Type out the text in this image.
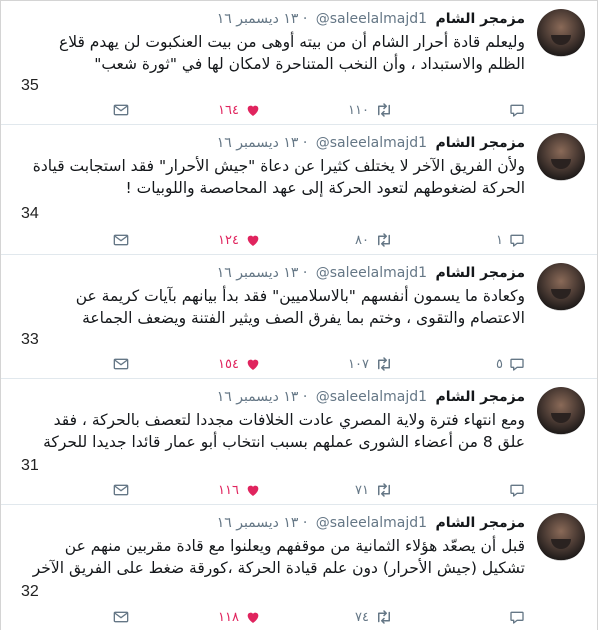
مزمجر الشام @saleelalmajd1 · ١٣ ديسمبر ١٦
وليعلم قادة أحرار الشام أن من بيته أوهى من بيت العنكبوت لن يهدم قلاع الظلم والاستبداد ، وأن النخب المتناحرة لامكان لها في "ثورة شعب"
35
١١٠
١٦٤
مزمجر الشام @saleelalmajd1 · ١٣ ديسمبر ١٦
ولأن الفريق الآخر لا يختلف كثيرا عن دعاة "جيش الأحرار" فقد استجابت قيادة الحركة لضغوطهم لتعود الحركة إلى عهد المحاصصة واللوبيات !
34
١
٨٠
١٢٤
مزمجر الشام @saleelalmajd1 · ١٣ ديسمبر ١٦
وكعادة ما يسمون أنفسهم "بالاسلاميين" فقد بدأ بيانهم بآيات كريمة عن الاعتصام والتقوى ، وختم بما يفرق الصف ويثير الفتنة ويضعف الجماعة
33
٥
١٠٧
١٥٤
مزمجر الشام @saleelalmajd1 · ١٣ ديسمبر ١٦
ومع انتهاء فترة ولاية المصري عادت الخلافات مجددا لتعصف بالحركة ، فقد علق 8 من أعضاء الشورى عملهم بسبب انتخاب أبو عمار قائدا جديدا للحركة
31
٧١
١١٦
مزمجر الشام @saleelalmajd1 · ١٣ ديسمبر ١٦
قبل أن يصعّد هؤلاء الثمانية من موقفهم ويعلنوا مع قادة مقربين منهم عن تشكيل (جيش الأحرار) دون علم قيادة الحركة ،كورقة ضغط على الفريق الآخر
32
٧٤
١١٨
